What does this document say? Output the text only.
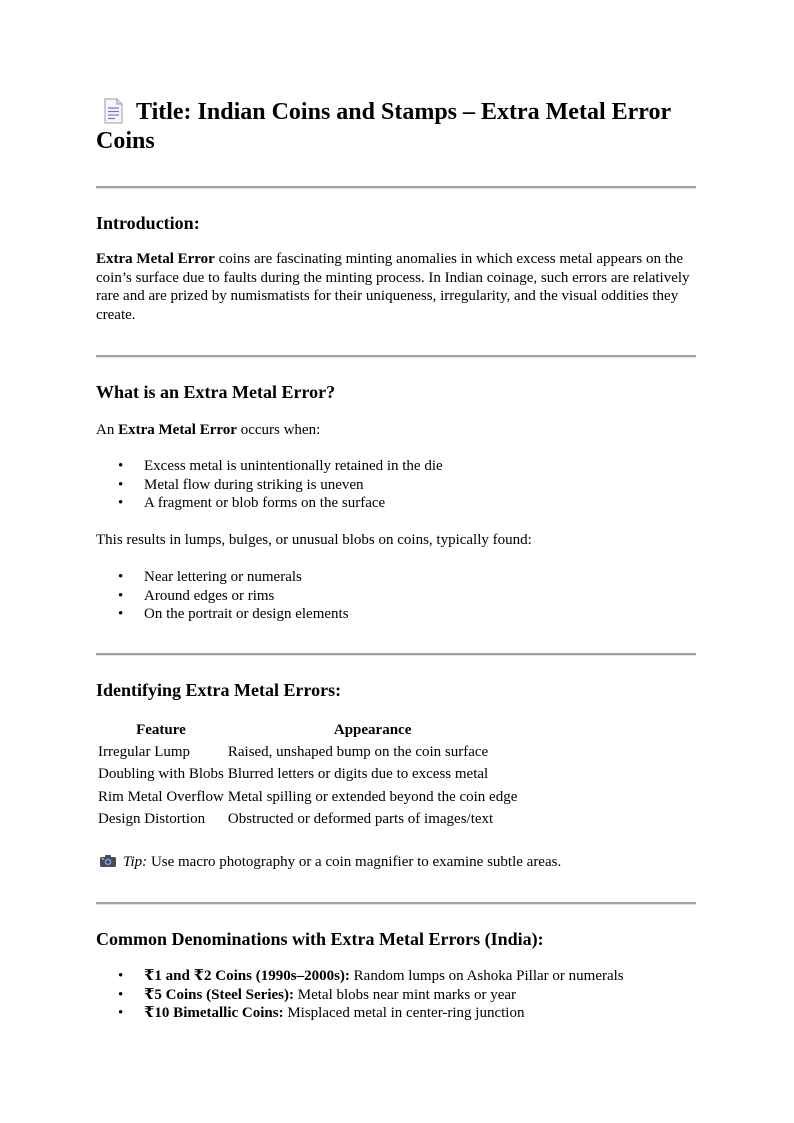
Title: Indian Coins and Stamps – Extra Metal Error Coins
Introduction:

Extra Metal Error coins are fascinating minting anomalies in which excess metal appears on the coin’s surface due to faults during the minting process. In Indian coinage, such errors are relatively rare and are prized by numismatists for their uniqueness, irregularity, and the visual oddities they create.

What is an Extra Metal Error?

An Extra Metal Error occurs when:

• Excess metal is unintentionally retained in the die
• Metal flow during striking is uneven
• A fragment or blob forms on the surface

This results in lumps, bulges, or unusual blobs on coins, typically found:

• Near lettering or numerals
• Around edges or rims
• On the portrait or design elements
Identifying Extra Metal Errors:
Feature	Appearance
Irregular Lump	Raised, unshaped bump on the coin surface
Doubling with Blobs	Blurred letters or digits due to excess metal
Rim Metal Overflow	Metal spilling or extended beyond the coin edge
Design Distortion	Obstructed or deformed parts of images/text

Tip: Use macro photography or a coin magnifier to examine subtle areas.

Common Denominations with Extra Metal Errors (India):
• ₹1 and ₹2 Coins (1990s–2000s): Random lumps on Ashoka Pillar or numerals
• ₹5 Coins (Steel Series): Metal blobs near mint marks or year
• ₹10 Bimetallic Coins: Misplaced metal in center-ring junction
